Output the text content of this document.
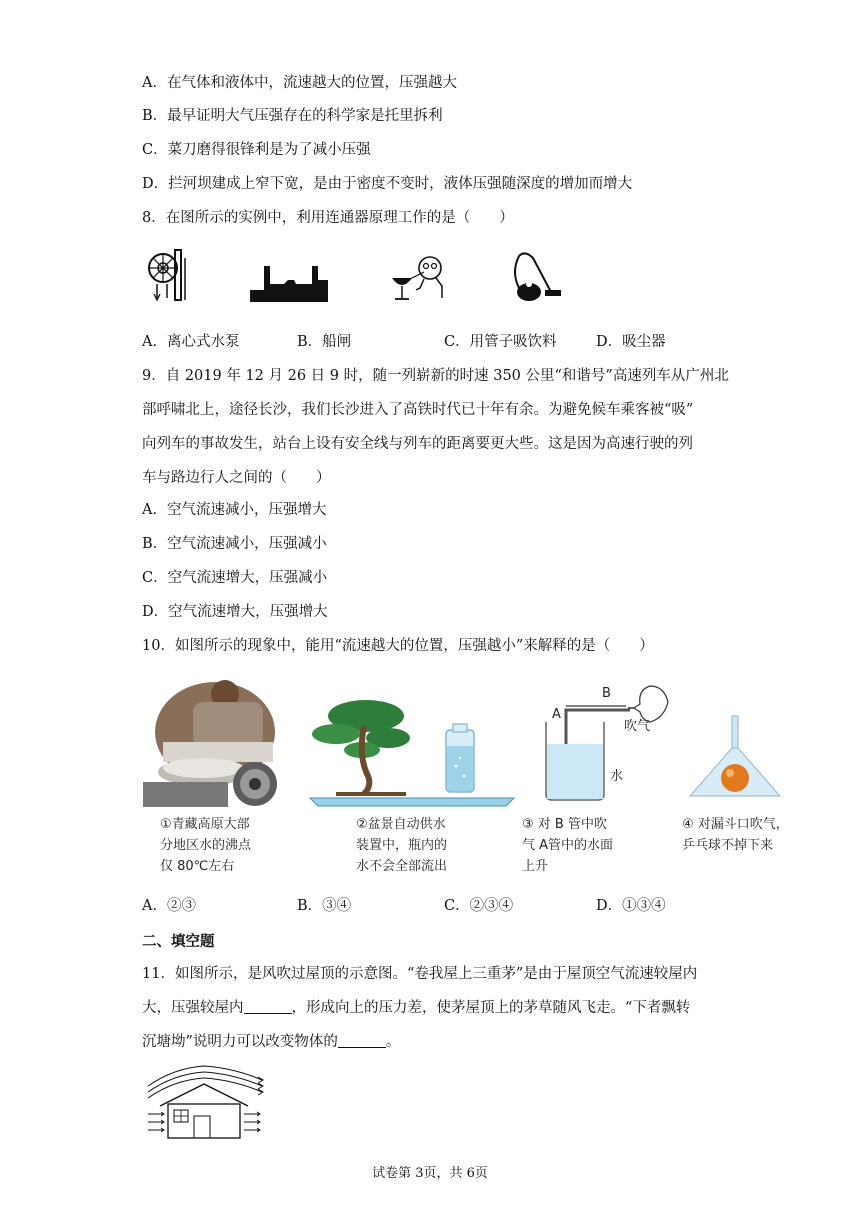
A．在气体和液体中，流速越大的位置，压强越大
B．最早证明大气压强存在的科学家是托里拆利
C．菜刀磨得很锋利是为了减小压强
D．拦河坝建成上窄下宽，是由于密度不变时，液体压强随深度的增加而增大
8．在图所示的实例中，利用连通器原理工作的是（　　）
A．离心式水泵	B．船闸	C．用管子吸饮料	D．吸尘器
9．自 2019 年 12 月 26 日 9 时，随一列崭新的时速 350 公里“和谐号”高速列车从广州北
部呼啸北上，途径长沙，我们长沙进入了高铁时代已十年有余。为避免候车乘客被“吸”
向列车的事故发生，站台上设有安全线与列车的距离要更大些。这是因为高速行驶的列
车与路边行人之间的（　　）
A．空气流速减小，压强增大
B．空气流速减小，压强减小
C．空气流速增大，压强减小
D．空气流速增大，压强增大
10．如图所示的现象中，能用“流速越大的位置，压强越小”来解释的是（　　）
A
B
吹气
水
①青藏高原大部
分地区水的沸点
仅 80℃左右
②盆景自动供水
装置中，瓶内的
水不会全部流出
③ 对 B 管中吹
气 A管中的水面
上升
④ 对漏斗口吹气，
乒乓球不掉下来
A．②③	B．③④	C．②③④	D．①③④
二、填空题
11．如图所示，是风吹过屋顶的示意图。“卷我屋上三重茅”是由于屋顶空气流速较屋内
大，压强较屋内	，形成向上的压力差，使茅屋顶上的茅草随风飞走。“下者飘转
沉塘坳”说明力可以改变物体的	。
试卷第 3页，共 6页
